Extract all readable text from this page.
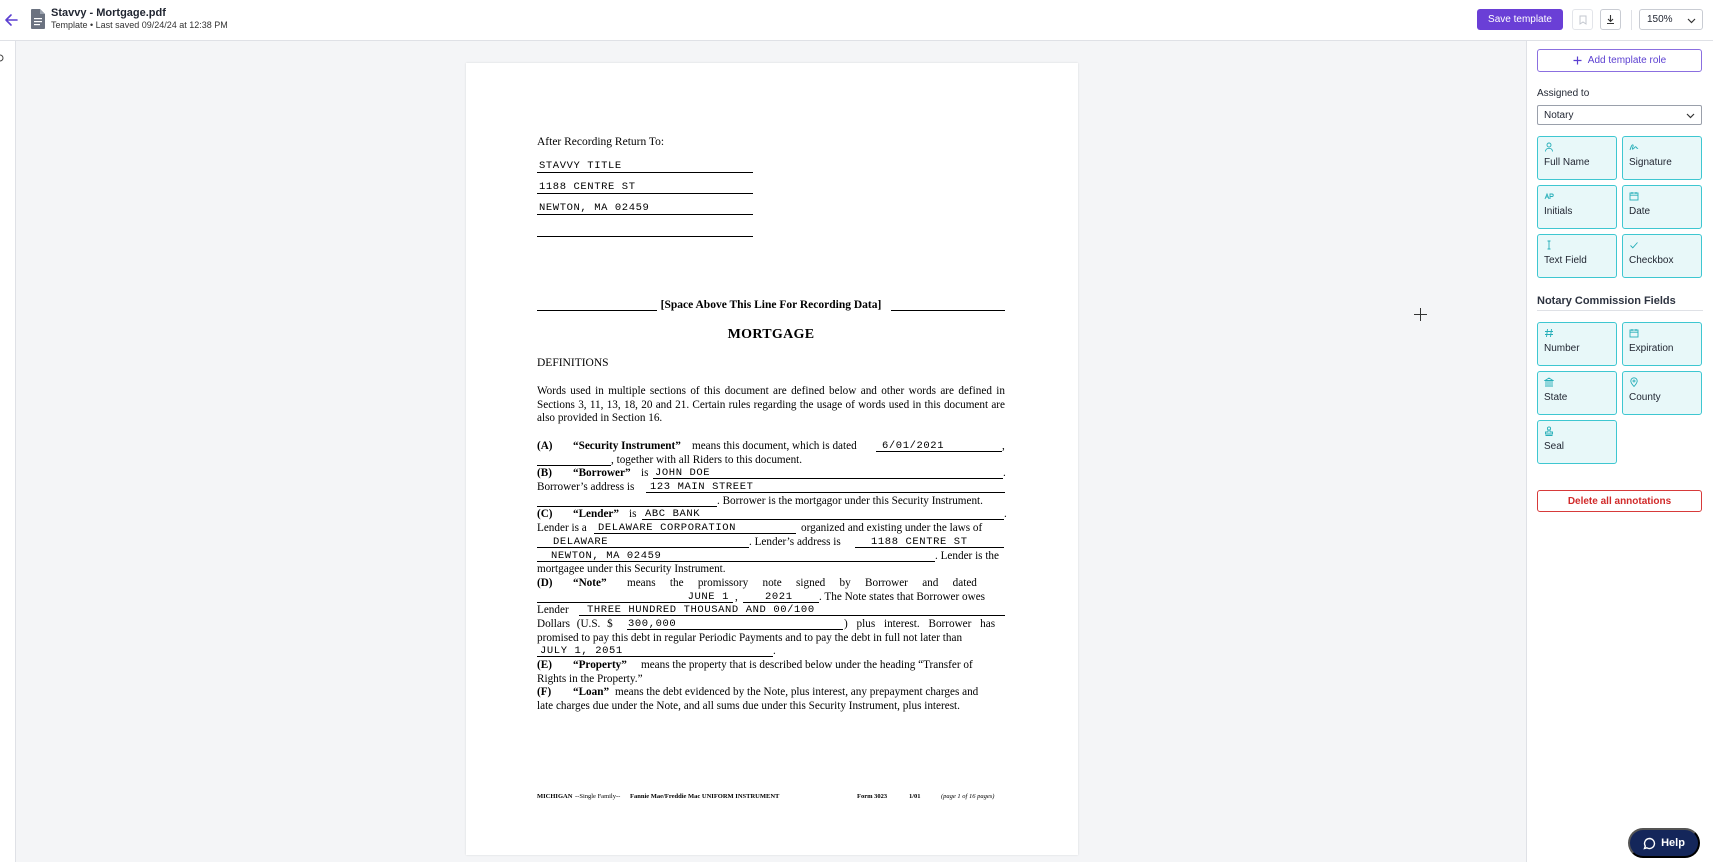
Stavvy - Mortgage.pdf
Template • Last saved 09/24/24 at 12:38 PM	Save template	150%
After Recording Return To:
STAVVY TITLE
1188 CENTRE ST
NEWTON, MA 02459
[Space Above This Line For Recording Data]
MORTGAGE
DEFINITIONS
Words used in multiple sections of this document are defined below and other words are defined in Sections 3, 11, 13, 18, 20 and 21. Certain rules regarding the usage of words used in this document are also provided in Section 16.
(A) “Security Instrument” means this document, which is dated	6/01/2021	,
, together with all Riders to this document.
(B) “Borrower” is JOHN DOE	.
Borrower’s address is	123 MAIN STREET
. Borrower is the mortgagor under this Security Instrument.
(C) “Lender” is ABC BANK	.
Lender is a	DELAWARE CORPORATION	organized and existing under the laws of
DELAWARE	. Lender’s address is	1188 CENTRE ST
NEWTON, MA 02459	. Lender is the
mortgagee under this Security Instrument.
(D) “Note” means the promissory note signed by Borrower and dated
JUNE 1 ,	2021	. The Note states that Borrower owes
Lender	THREE HUNDRED THOUSAND AND 00/100
Dollars (U.S. $ 300,000	) plus interest. Borrower has
promised to pay this debt in regular Periodic Payments and to pay the debt in full not later than
JULY 1, 2051	.
(E) “Property” means the property that is described below under the heading “Transfer of
Rights in the Property.”
(F) “Loan” means the debt evidenced by the Note, plus interest, any prepayment charges and
late charges due under the Note, and all sums due under this Security Instrument, plus interest.
MICHIGAN --Single Family-- Fannie Mae/Freddie Mac UNIFORM INSTRUMENT	Form 3023	1/01	(page 1 of 16 pages)
Add template role
Assigned to
Notary
Full Name	Signature
Initials	Date
Text Field	Checkbox
Notary Commission Fields
Number	Expiration
State	County
Seal
Delete all annotations
Help
